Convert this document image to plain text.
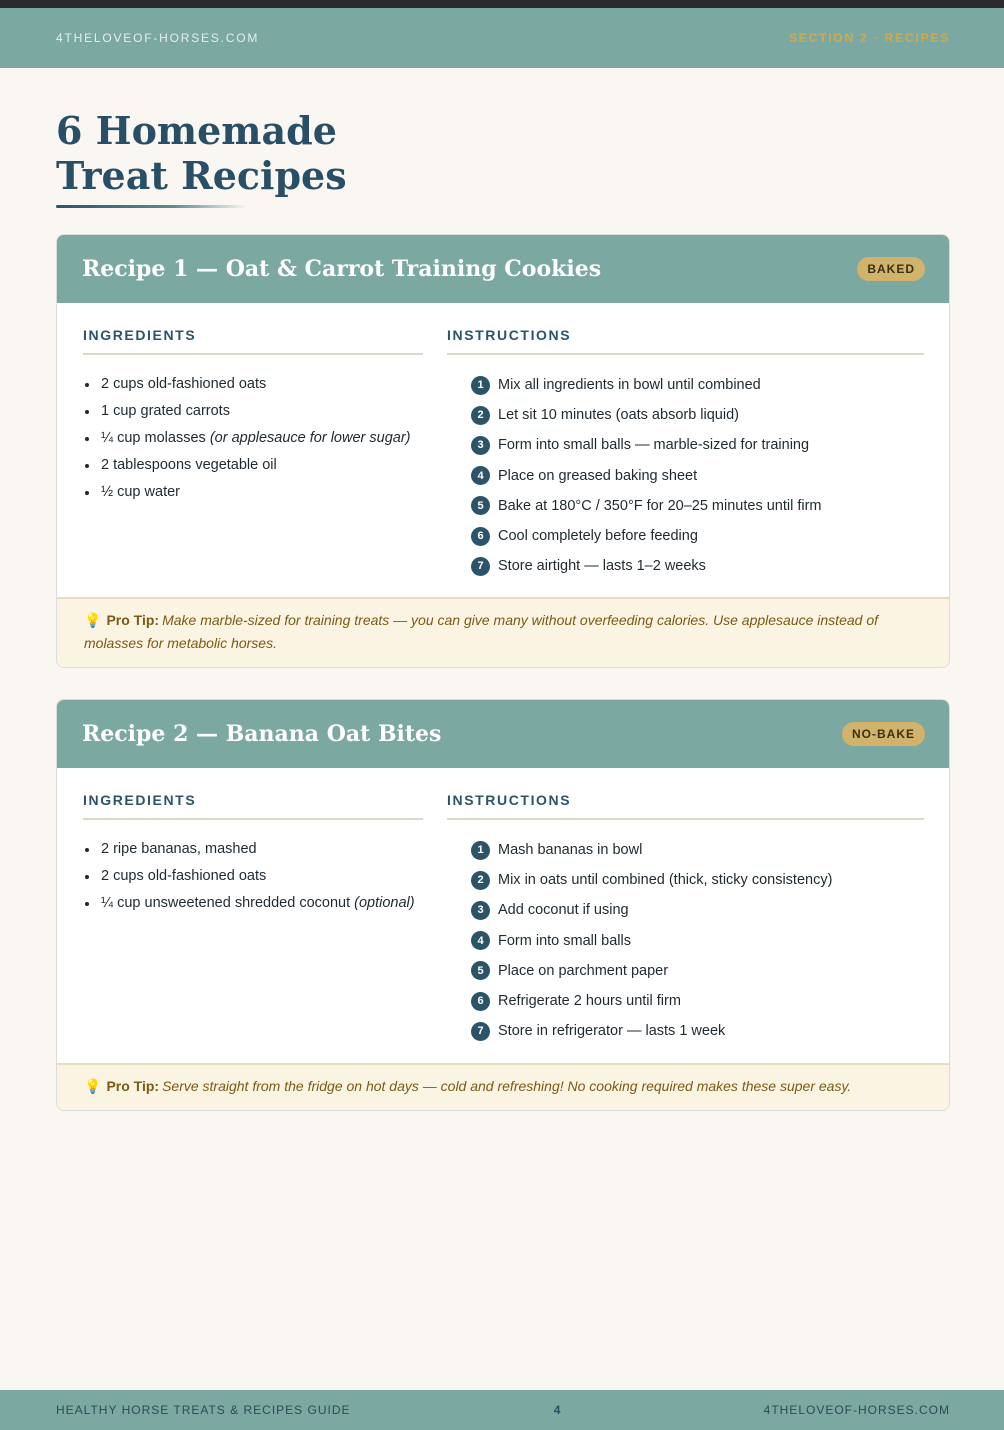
4THELOVEOF-HORSES.COM	SECTION 2 · RECIPES
6 Homemade
Treat Recipes
Recipe 1 — Oat & Carrot Training Cookies	BAKED
INGREDIENTS
2 cups old-fashioned oats
1 cup grated carrots
¼ cup molasses (or applesauce for lower sugar)
2 tablespoons vegetable oil
½ cup water
INSTRUCTIONS
1 Mix all ingredients in bowl until combined
2 Let sit 10 minutes (oats absorb liquid)
3 Form into small balls — marble-sized for training
4 Place on greased baking sheet
5 Bake at 180°C / 350°F for 20–25 minutes until firm
6 Cool completely before feeding
7 Store airtight — lasts 1–2 weeks
💡 Pro Tip: Make marble-sized for training treats — you can give many without overfeeding calories. Use applesauce instead of molasses for metabolic horses.
Recipe 2 — Banana Oat Bites	NO-BAKE
INGREDIENTS
2 ripe bananas, mashed
2 cups old-fashioned oats
¼ cup unsweetened shredded coconut (optional)
INSTRUCTIONS
1 Mash bananas in bowl
2 Mix in oats until combined (thick, sticky consistency)
3 Add coconut if using
4 Form into small balls
5 Place on parchment paper
6 Refrigerate 2 hours until firm
7 Store in refrigerator — lasts 1 week
💡 Pro Tip: Serve straight from the fridge on hot days — cold and refreshing! No cooking required makes these super easy.
HEALTHY HORSE TREATS & RECIPES GUIDE	4	4THELOVEOF-HORSES.COM
